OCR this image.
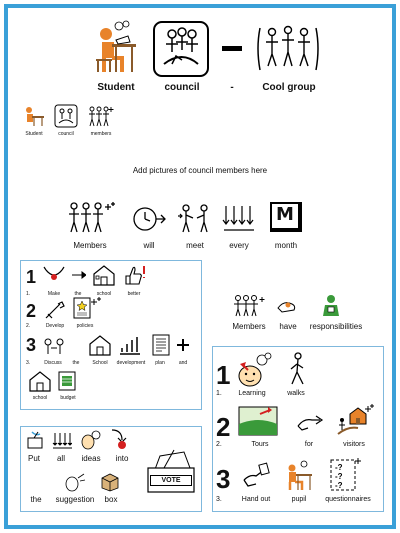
Student	council	-	Cool group
Student	council	members
Add pictures of council members here
Members	will	meet	every
M
month
1
1.	Make	the	school	better
2
2.	Develop	policies
3
3.	Discuss	the	School	development	plan	and
school	budget
Members	have	responsibilities
1
1.	Learning	walks
2
2.	Tours	for	visitors
3	-?
-?
-?
3.	Hand out	pupil	questionnaires
VOTE
Put	all	ideas	into
the	suggestion	box
